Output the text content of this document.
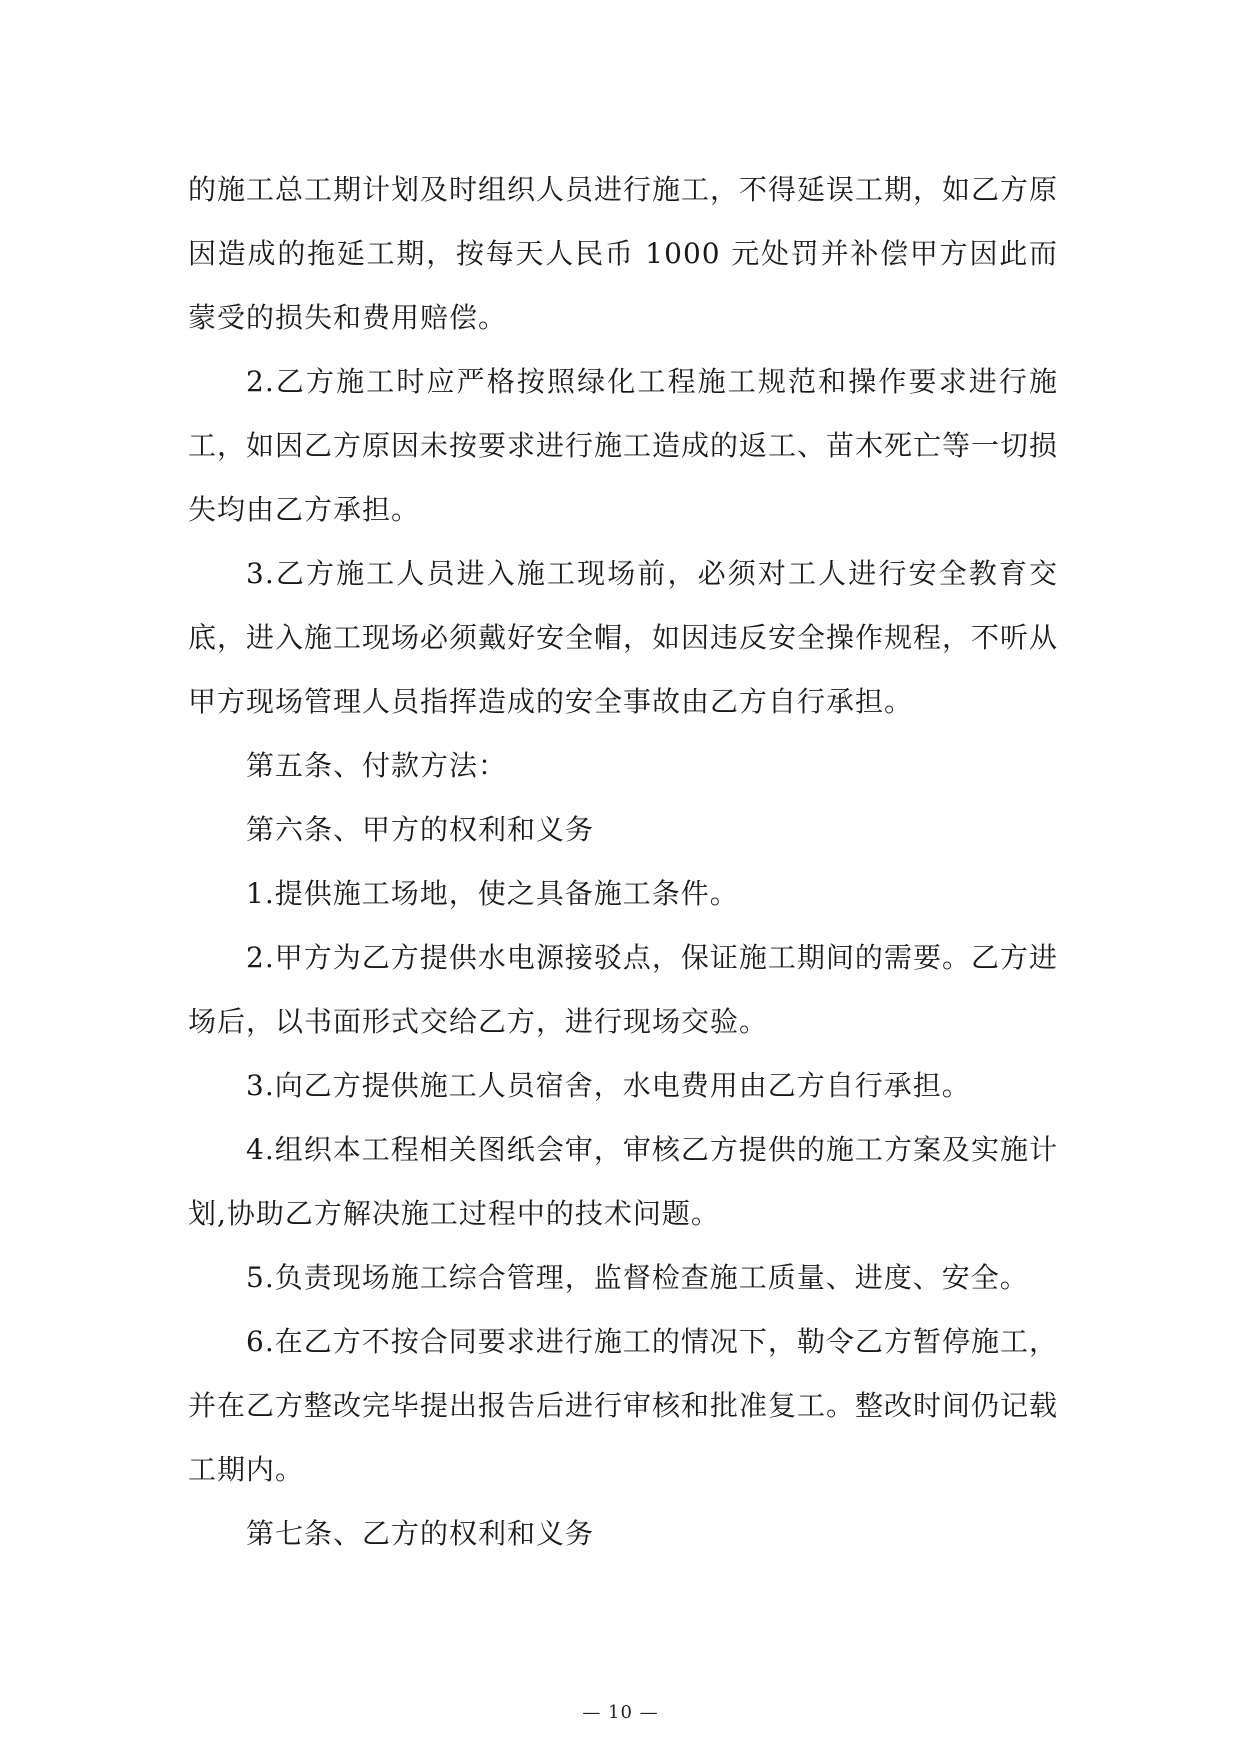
的施工总工期计划及时组织人员进行施工，不得延误工期，如乙方原因造成的拖延工期，按每天人民币 1000 元处罚并补偿甲方因此而蒙受的损失和费用赔偿。

2.乙方施工时应严格按照绿化工程施工规范和操作要求进行施工，如因乙方原因未按要求进行施工造成的返工、苗木死亡等一切损失均由乙方承担。

3.乙方施工人员进入施工现场前，必须对工人进行安全教育交底，进入施工现场必须戴好安全帽，如因违反安全操作规程，不听从甲方现场管理人员指挥造成的安全事故由乙方自行承担。

第五条、付款方法：

第六条、甲方的权利和义务

1.提供施工场地，使之具备施工条件。

2.甲方为乙方提供水电源接驳点，保证施工期间的需要。乙方进场后，以书面形式交给乙方，进行现场交验。

3.向乙方提供施工人员宿舍，水电费用由乙方自行承担。

4.组织本工程相关图纸会审，审核乙方提供的施工方案及实施计划,协助乙方解决施工过程中的技术问题。

5.负责现场施工综合管理，监督检查施工质量、进度、安全。

6.在乙方不按合同要求进行施工的情况下，勒令乙方暂停施工，并在乙方整改完毕提出报告后进行审核和批准复工。整改时间仍记载工期内。

第七条、乙方的权利和义务

— 10 —
